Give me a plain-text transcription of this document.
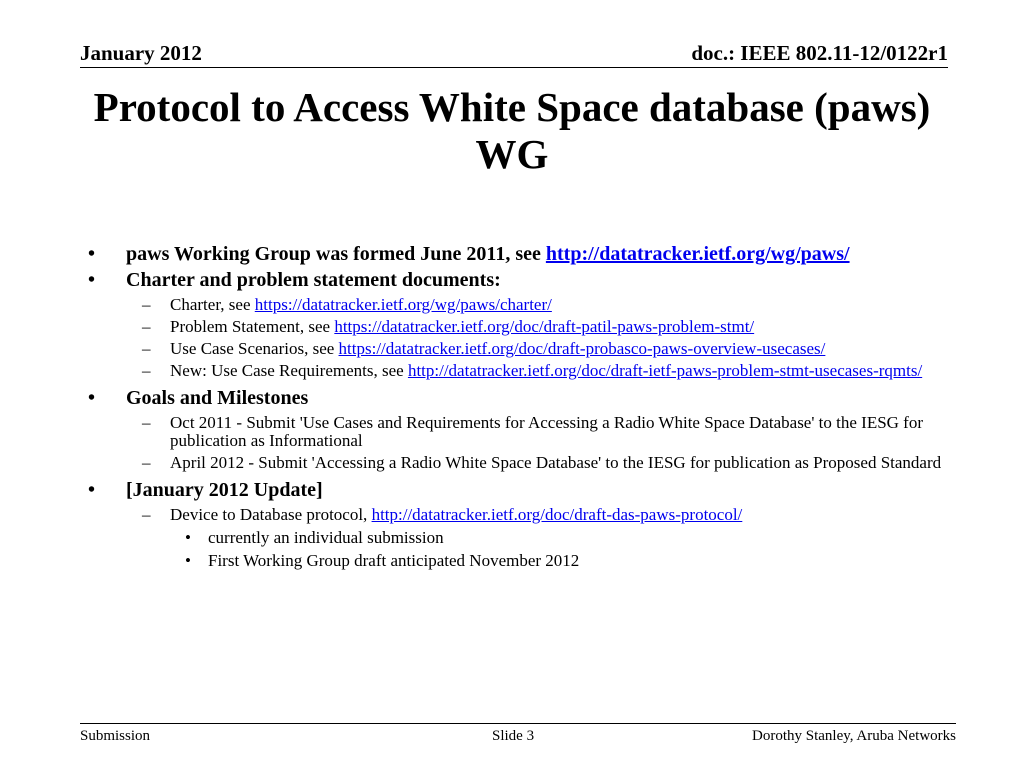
January 2012	doc.: IEEE 802.11-12/0122r1
Protocol to Access White Space database (paws) WG
• paws Working Group was formed June 2011, see http://datatracker.ietf.org/wg/paws/
• Charter and problem statement documents:
– Charter, see https://datatracker.ietf.org/wg/paws/charter/
– Problem Statement, see https://datatracker.ietf.org/doc/draft-patil-paws-problem-stmt/
– Use Case Scenarios, see https://datatracker.ietf.org/doc/draft-probasco-paws-overview-usecases/
– New: Use Case Requirements, see http://datatracker.ietf.org/doc/draft-ietf-paws-problem-stmt-usecases-rqmts/
• Goals and Milestones
– Oct 2011 - Submit 'Use Cases and Requirements for Accessing a Radio White Space Database' to the IESG for publication as Informational
– April 2012 - Submit 'Accessing a Radio White Space Database' to the IESG for publication as Proposed Standard
• [January 2012 Update]
– Device to Database protocol, http://datatracker.ietf.org/doc/draft-das-paws-protocol/
• currently an individual submission
• First Working Group draft anticipated November 2012
Submission	Slide 3	Dorothy Stanley, Aruba Networks
